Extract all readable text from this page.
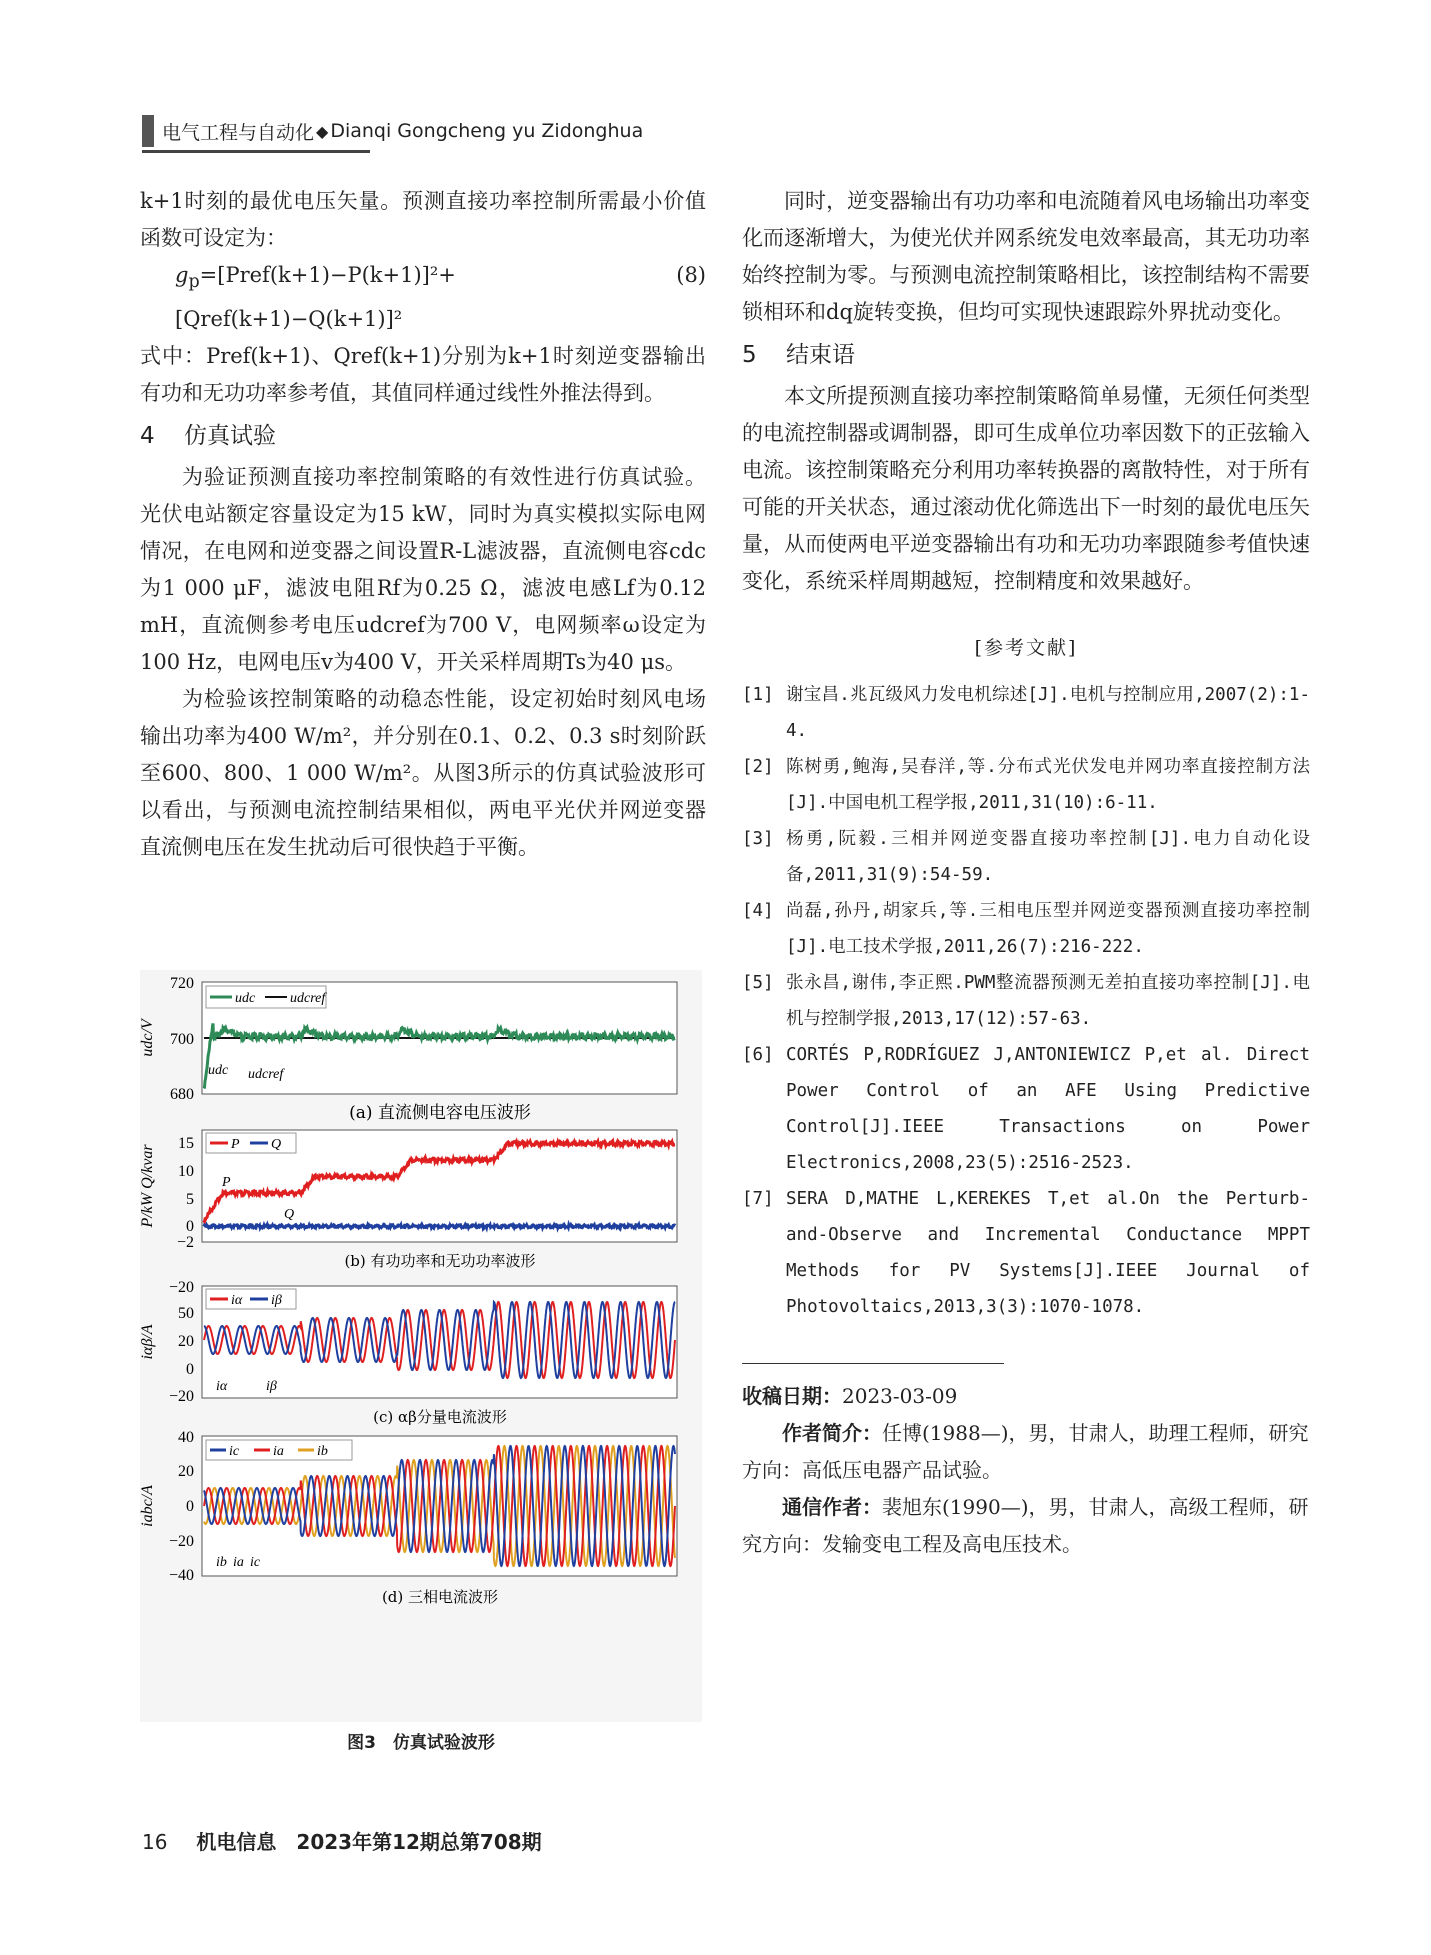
电气工程与自动化 ◆ Dianqi Gongcheng yu Zidonghua

k+1时刻的最优电压矢量。预测直接功率控制所需最小价值函数可设定为：

$g_p=[Pref(k+1)-P(k+1)]^2+[Qref(k+1)-Q(k+1)]^2$
(8)

式中：Pref(k+1)、Qref(k+1)分别为k+1时刻逆变器输出有功和无功功率参考值，其值同样通过线性外推法得到。

4 仿真试验

为验证预测直接功率控制策略的有效性进行仿真试验。光伏电站额定容量设定为15 kW，同时为真实模拟实际电网情况，在电网和逆变器之间设置R-L滤波器，直流侧电容cdc为1 000 μF，滤波电阻Rf为0.25 Ω，滤波电感Lf为0.12 mH，直流侧参考电压udcref为700 V，电网频率ω设定为100 Hz，电网电压v为400 V，开关采样周期Ts为40 μs。

为检验该控制策略的动稳态性能，设定初始时刻风电场输出功率为400 W/m²，并分别在0.1、0.2、0.3 s时刻阶跃至600、800、1 000 W/m²。从图3所示的仿真试验波形可以看出，与预测电流控制结果相似，两电平光伏并网逆变器直流侧电压在发生扰动后可很快趋于平衡。

720
700
680
udc/V
udc udcref
udc udcref
(a) 直流侧电容电压波形
15
10
5
0
−2
P/kW Q/kvar	P Q
P
Q
(b) 有功功率和无功功率波形
−20
50
20
0
−20
iαβ/A
iα iβ
iα	iβ
(c) αβ分量电流波形
40
20
0
−20
−40
iabc/A
ic ia ib
ib ia ic
(d) 三相电流波形
图3　仿真试验波形

同时，逆变器输出有功功率和电流随着风电场输出功率变化而逐渐增大，为使光伏并网系统发电效率最高，其无功功率始终控制为零。与预测电流控制策略相比，该控制结构不需要锁相环和dq旋转变换，但均可实现快速跟踪外界扰动变化。

5 结束语

本文所提预测直接功率控制策略简单易懂，无须任何类型的电流控制器或调制器，即可生成单位功率因数下的正弦输入电流。该控制策略充分利用功率转换器的离散特性，对于所有可能的开关状态，通过滚动优化筛选出下一时刻的最优电压矢量，从而使两电平逆变器输出有功和无功功率跟随参考值快速变化，系统采样周期越短，控制精度和效果越好。

[参考文献]
[1] 谢宝昌.兆瓦级风力发电机综述[J].电机与控制应用,2007(2):1-4.
[2] 陈树勇,鲍海,吴春洋,等.分布式光伏发电并网功率直接控制方法[J].中国电机工程学报,2011,31(10):6-11.
[3] 杨勇,阮毅.三相并网逆变器直接功率控制[J].电力自动化设备,2011,31(9):54-59.
[4] 尚磊,孙丹,胡家兵,等.三相电压型并网逆变器预测直接功率控制[J].电工技术学报,2011,26(7):216-222.
[5] 张永昌,谢伟,李正熙.PWM整流器预测无差拍直接功率控制[J].电机与控制学报,2013,17(12):57-63.
[6] CORTÉS P,RODRÍGUEZ J,ANTONIEWICZ P,et al. Direct Power Control of an AFE Using Predictive Control[J].IEEE Transactions on Power Electronics,2008,23(5):2516-2523.
[7] SERA D,MATHE L,KEREKES T,et al.On the Perturb-and-Observe and Incremental Conductance MPPT Methods for PV Systems[J].IEEE Journal of Photovoltaics,2013,3(3):1070-1078.
收稿日期：2023-03-09
作者简介：任博(1988—)，男，甘肃人，助理工程师，研究方向：高低压电器产品试验。
通信作者：裴旭东(1990—)，男，甘肃人，高级工程师，研究方向：发输变电工程及高电压技术。
16 机电信息　2023年第12期总第708期
